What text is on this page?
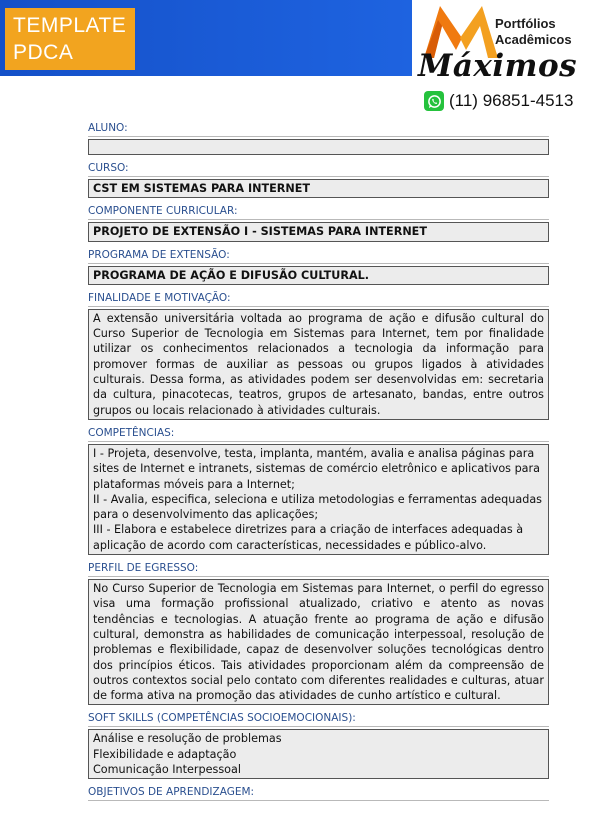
TEMPLATE
PDCA
Portfólios
Acadêmicos
Máximos
(11) 96851-4513
ALUNO:
CURSO:
CST EM SISTEMAS PARA INTERNET
COMPONENTE CURRICULAR:
PROJETO DE EXTENSÃO I - SISTEMAS PARA INTERNET
PROGRAMA DE EXTENSÃO:
PROGRAMA DE AÇÃO E DIFUSÃO CULTURAL.
FINALIDADE E MOTIVAÇÃO:
A extensão universitária voltada ao programa de ação e difusão cultural do Curso Superior de Tecnologia em Sistemas para Internet, tem por finalidade utilizar os conhecimentos relacionados a tecnologia da informação para promover formas de auxiliar as pessoas ou grupos ligados à atividades culturais. Dessa forma, as atividades podem ser desenvolvidas em: secretaria da cultura, pinacotecas, teatros, grupos de artesanato, bandas, entre outros grupos ou locais relacionado à atividades culturais.
COMPETÊNCIAS:

I - Projeta, desenvolve, testa, implanta, mantém, avalia e analisa páginas para sites de Internet e intranets, sistemas de comércio eletrônico e aplicativos para plataformas móveis para a Internet;

II - Avalia, especifica, seleciona e utiliza metodologias e ferramentas adequadas para o desenvolvimento das aplicações;

III - Elabora e estabelece diretrizes para a criação de interfaces adequadas à aplicação de acordo com características, necessidades e público-alvo.

PERFIL DE EGRESSO:
No Curso Superior de Tecnologia em Sistemas para Internet, o perfil do egresso visa uma formação profissional atualizado, criativo e atento as novas tendências e tecnologias. A atuação frente ao programa de ação e difusão cultural, demonstra as habilidades de comunicação interpessoal, resolução de problemas e flexibilidade, capaz de desenvolver soluções tecnológicas dentro dos princípios éticos. Tais atividades proporcionam além da compreensão de outros contextos social pelo contato com diferentes realidades e culturas, atuar de forma ativa na promoção das atividades de cunho artístico e cultural.
SOFT SKILLS (COMPETÊNCIAS SOCIOEMOCIONAIS):

Análise e resolução de problemas

Flexibilidade e adaptação

Comunicação Interpessoal

OBJETIVOS DE APRENDIZAGEM:
